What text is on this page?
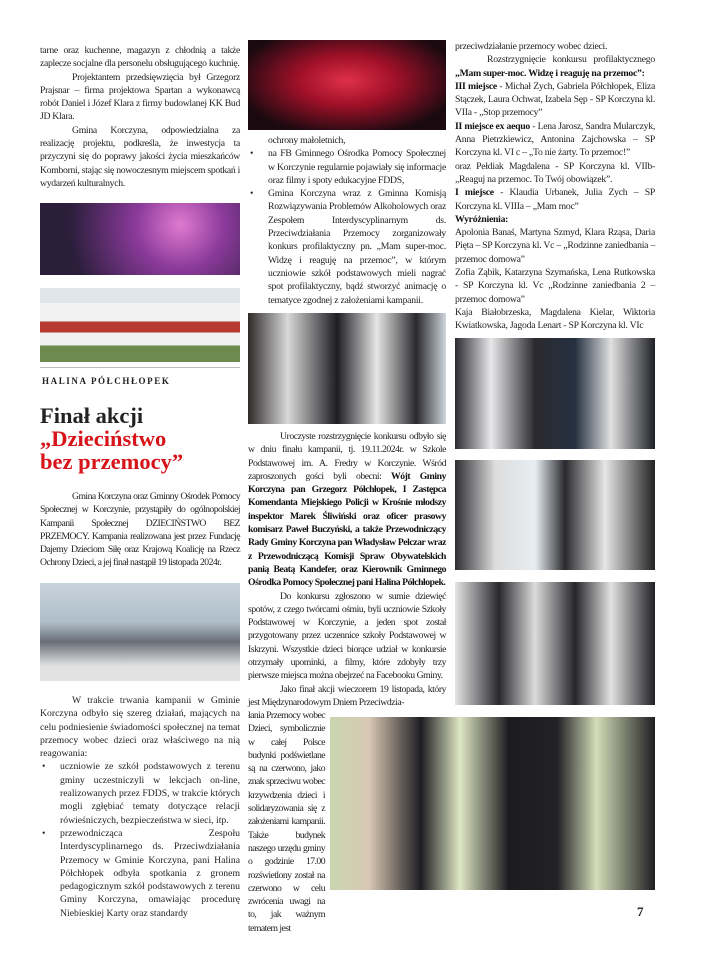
tarne oraz kuchenne, magazyn z chłodnią a także zaplecze socjalne dla personelu obsługującego kuchnię.

Projektantem przedsięwzięcia był Grzegorz Prajsnar – firma projektowa Spartan a wykonawcą robót Daniel i Józef Klara z firmy budowlanej KK Bud JD Klara.

Gmina Korczyna, odpowiedzialna za realizację projektu, podkreśla, że inwestycja ta przyczyni się do poprawy jakości życia mieszkańców Komborni, stając się nowoczesnym miejscem spotkań i wydarzeń kulturalnych.

HALINA PÓŁCHŁOPEK
Finał akcji
„Dzieciństwo
bez przemocy”

Gmina Korczyna oraz Gminny Ośrodek Pomocy Społecznej w Korczynie, przystąpiły do ogólnopolskiej Kampanii Społecznej DZIECIŃSTWO BEZ PRZEMOCY. Kampania realizowana jest przez Fundację Dajemy Dzieciom Siłę oraz Krajową Koalicję na Rzecz Ochrony Dzieci, a jej finał nastąpił 19 listopada 2024r.

W trakcie trwania kampanii w Gminie Korczyna odbyło się szereg działań, mających na celu podniesienie świadomości społecznej na temat przemocy wobec dzieci oraz właściwego na nią reagowania:

• uczniowie ze szkół podstawowych z terenu gminy uczestniczyli w lekcjach on-line, realizowanych przez FDDS, w trakcie których mogli zgłębiać tematy dotyczące relacji rówieśniczych, bezpieczeństwa w sieci, itp.
• przewodnicząca Zespołu Interdyscyplinarnego ds. Przeciwdziałania Przemocy w Gminie Korczyna, pani Halina Półchłopek odbyła spotkania z gronem pedagogicznym szkół podstawowych z terenu Gminy Korczyna, omawiając procedurę Niebieskiej Karty oraz standardy

ochrony małoletnich,

• na FB Gminnego Ośrodka Pomocy Społecznej w Korczynie regularnie pojawiały się informacje oraz filmy i spoty edukacyjne FDDS,
• Gmina Korczyna wraz z Gminna Komisją Rozwiązywania Problemów Alkoholowych oraz Zespołem Interdyscyplinarnym ds. Przeciwdziałania Przemocy zorganizowały konkurs profilaktyczny pn. „Mam super-moc. Widzę i reaguję na przemoc”, w którym uczniowie szkół podstawowych mieli nagrać spot profilaktyczny, bądź stworzyć animację o tematyce zgodnej z założeniami kampanii.

Uroczyste rozstrzygnięcie konkursu odbyło się w dniu finału kampanii, tj. 19.11.2024r. w Szkole Podstawowej im. A. Fredry w Korczynie. Wśród zaproszonych gości byli obecni: Wójt Gminy Korczyna pan Grzegorz Półchłopek, I Zastępca Komendanta Miejskiego Policji w Krośnie młodszy inspektor Marek Śliwiński oraz oficer prasowy komisarz Paweł Buczyński, a także Przewodniczący Rady Gminy Korczyna pan Władysław Pelczar wraz z Przewodniczącą Komisji Spraw Obywatelskich panią Beatą Kandefer, oraz Kierownik Gminnego Ośrodka Pomocy Społecznej pani Halina Półchłopek.

Do konkursu zgłoszono w sumie dziewięć spotów, z czego twórcami ośmiu, byli uczniowie Szkoły Podstawowej w Korczynie, a jeden spot został przygotowany przez uczennice szkoły Podstawowej w Iskrzyni. Wszystkie dzieci biorące udział w konkursie otrzymały upominki, a filmy, które zdobyły trzy pierwsze miejsca można obejrzeć na Facebooku Gminy.

Jako finał akcji wieczorem 19 listopada, który jest Międzynarodowym Dniem Przeciwdzia-

łania Przemocy wobec Dzieci, symbolicznie w całej Polsce budynki podświetlane są na czerwono, jako znak sprzeciwu wobec krzywdzenia dzieci i solidaryzowania się z założeniami kampanii. Także budynek naszego urzędu gminy o godzinie 17.00 rozświetlony został na czerwono w celu zwrócenia uwagi na to, jak ważnym tematem jest

przeciwdziałanie przemocy wobec dzieci.

Rozstrzygnięcie konkursu profilaktycznego „Mam super-moc. Widzę i reaguję na przemoc”:

III miejsce - Michał Zych, Gabriela Półchłopek, Eliza Stączek, Laura Ochwat, Izabela Sęp - SP Korczyna kl. VIIa - „Stop przemocy”

II miejsce ex aequo - Lena Jarosz, Sandra Mularczyk, Anna Pietrzkiewicz, Antonina Zajchowska – SP Korczyna kl. VI c – „To nie żarty. To przemoc!”

oraz Pełdiak Magdalena - SP Korczyna kl. VIIb- „Reaguj na przemoc. To Twój obowiązek”.

I miejsce - Klaudia Urbanek, Julia Zych – SP Korczyna kl. VIIIa – „Mam moc”

Wyróżnienia:

Apolonia Banaś, Martyna Szmyd, Klara Rząsa, Daria Pięta – SP Korczyna kl. Vc – „Rodzinne zaniedbania – przemoc domowa”

Zofia Ząbik, Katarzyna Szymańska, Lena Rutkowska - SP Korczyna kl. Vc „Rodzinne zaniedbania 2 – przemoc domowa”

Kaja Białobrzeska, Magdalena Kielar, Wiktoria Kwiatkowska, Jagoda Lenart - SP Korczyna kl. VIc

7
